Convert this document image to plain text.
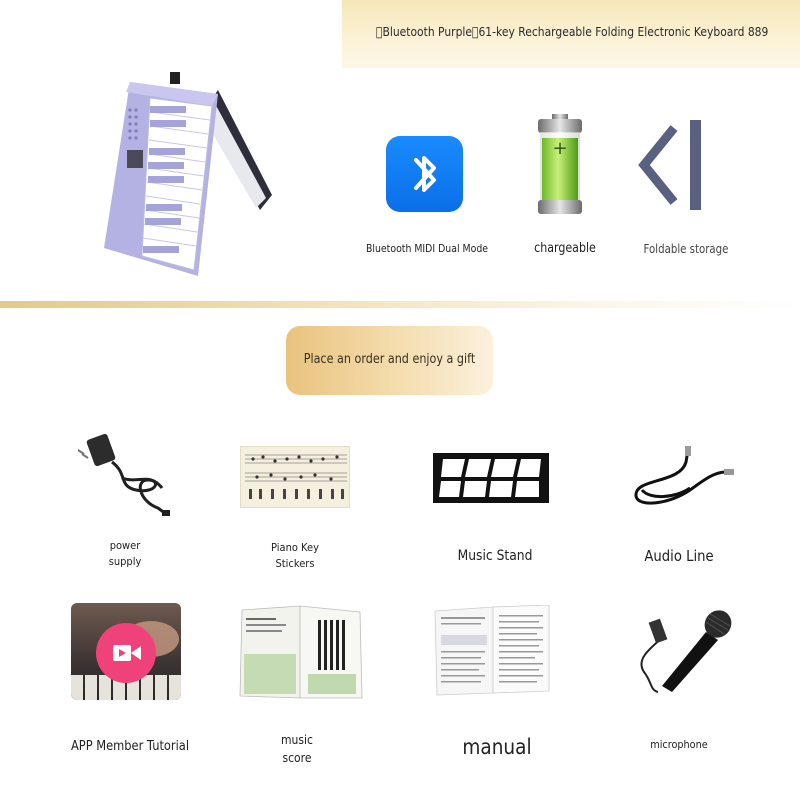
 Bluetooth Purple 61-key Rechargeable Folding Electronic Keyboard 889
+
Bluetooth MIDI Dual Mode	chargeable	Foldable storage
Place an order and enjoy a gift
power
supply
Piano Key
Stickers	Music Stand	Audio Line
APP Member Tutorial	music
score	manual	microphone
